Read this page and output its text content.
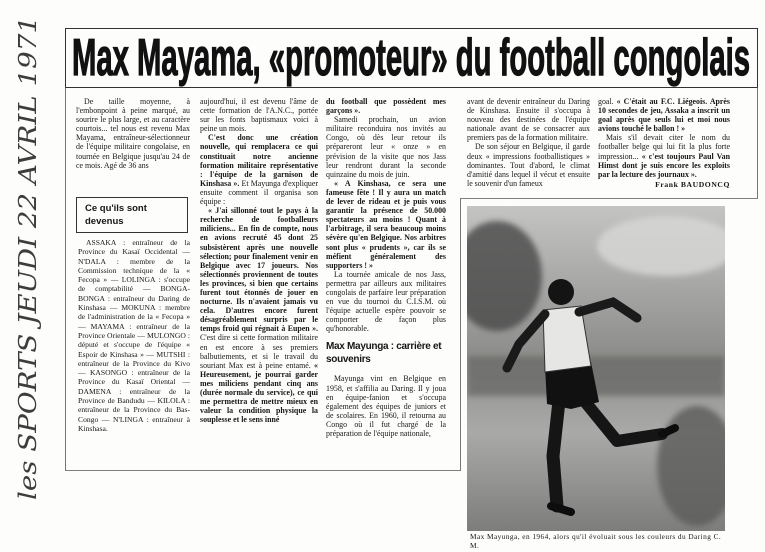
les SPORTS JEUDI 22 AVRIL 1971
Max Mayama, «promoteur» du football congolais

De taille moyenne, à l'embonpoint à peine marqué, au sourire le plus large, et au caractère courtois... tel nous est revenu Max Mayama, entraîneur-sélectionneur de l'équipe militaire congolaise, en tournée en Belgique jusqu'au 24 de ce mois. Agé de 36 ans

Ce qu'ils sont devenus
ASSAKA : entraîneur de la Province du Kasaï Occidental — N'DALA : membre de la Commission technique de la « Fecopa » — LOLINGA : s'occupe de comptabilité — BONGA-BONGA : entraîneur du Daring de Kinshasa — MOKUNA : membre de l'administration de la « Fecopa » — MAYAMA : entraîneur de la Province Orientale — MULONGO : député et s'occupe de l'équipe « Espoir de Kinshasa » — MUTSHI : entraîneur de la Province du Kivo — KASONGO : entraîneur de la Province du Kasaï Oriental — DAMENA : entraîneur de la Province de Bandudu — KILOLA : entraîneur de la Province du Bas-Congo — N'LINGA : entraîneur à Kinshasa.

aujourd'hui, il est devenu l'âme de cette formation de l'A.N.C., portée sur les fonts baptismaux voici à peine un mois.

C'est donc une création nouvelle, qui remplacera ce qui constituait notre ancienne formation militaire représentative : l'équipe de la garnison de Kinshasa ». Et Mayunga d'expliquer ensuite comment il organisa son équipe :

« J'ai sillonné tout le pays à la recherche de footballeurs miliciens... En fin de compte, nous en avions recruté 45 dont 25 subsistèrent après une nouvelle sélection; pour finalement venir en Belgique avec 17 joueurs. Nos sélectionnés proviennent de toutes les provinces, si bien que certains furent tout étonnés de jouer en nocturne. Ils n'avaient jamais vu cela. D'autres encore furent désagréablement surpris par le temps froid qui régnait à Eupen ». C'est dire si cette formation militaire en est encore à ses premiers balbutiements, et si le travail du souriant Max est à peine entamé. « Heureusement, je pourrai garder mes miliciens pendant cinq ans (durée normale du service), ce qui me permettra de mettre mieux en valeur la condition physique la souplesse et le sens inné

du football que possèdent mes garçons ».

Samedi prochain, un avion militaire reconduira nos invités au Congo, où dès leur retour ils prépareront leur « onze » en prévision de la visite que nos Jass leur rendront durant la seconde quinzaine du mois de juin.

« A Kinshasa, ce sera une fameuse fête ! Il y aura un match de lever de rideau et je puis vous garantir la présence de 50.000 spectateurs au moins ! Quant à l'arbitrage, il sera beaucoup moins sévère qu'en Belgique. Nos arbitres sont plus « prudents », car ils se méfient généralement des supporters ! »

La tournée amicale de nos Jass, permettra par ailleurs aux militaires congolais de parfaire leur préparation en vue du tournoi du C.I.S.M. où l'équipe actuelle espère pouvoir se comporter de façon plus qu'honorable.

Max Mayunga : carrière et souvenirs

Mayunga vint en Belgique en 1958, et s'affilia au Daring. Il y joua en équipe-fanion et s'occupa également des équipes de juniors et de scolaires. En 1960, il retourna au Congo où il fut chargé de la préparation de l'équipe nationale,

avant de devenir entraîneur du Daring de Kinshasa. Ensuite il s'occupa à nouveau des destinées de l'équipe nationale avant de se consacrer aux premiers pas de la formation militaire.

De son séjour en Belgique, il garde deux « impressions footballistiques » dominantes. Tout d'abord, le climat d'amitié dans lequel il vécut et ensuite le souvenir d'un fameux

goal. « C'était au F.C. Liégeois. Après 10 secondes de jeu, Assaka a inscrit un goal après que seuls lui et moi nous avions touché le ballon ! »

Mais s'il devait citer le nom du footballer belge qui lui fit la plus forte impression... « c'est toujours Paul Van Himst dont je suis encore les exploits par la lecture des journaux ».

Frank BAUDONCQ
Max Mayunga, en 1964, alors qu'il évoluait sous les couleurs du Daring C. M.
